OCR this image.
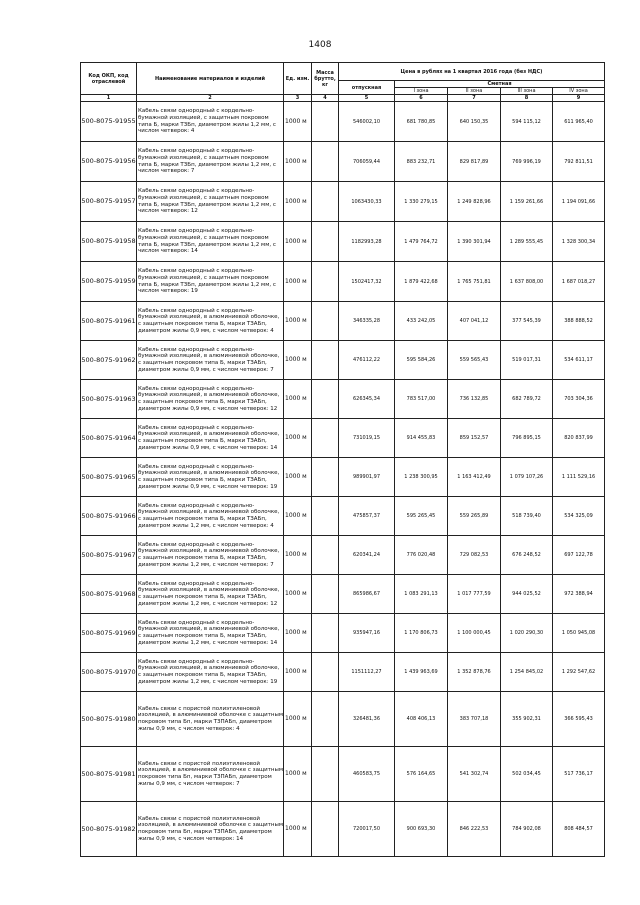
1408
Код ОКП, код отраслевой	Наименование материалов и изделий	Ед. изм.	Масса брутто, кг	Цена в рублях на 1 квартал 2016 года (без НДС)				
				отпускная	Сметная			
					I зона	II зона	III зона	IV зона
1	2	3	4	5	6	7	8	9
500-8075-91955	Кабель связи однородный с кордельно-бумажной изоляцией, с защитным покровом типа Б, марки ТЗБп, диаметром жилы 1,2 мм, с числом четверок: 4	1000 м		546002,10	681 780,85	640 150,35	594 115,12	611 965,40
500-8075-91956	Кабель связи однородный с кордельно-бумажной изоляцией, с защитным покровом типа Б, марки ТЗБп, диаметром жилы 1,2 мм, с числом четверок: 7	1000 м		706059,44	883 232,71	829 817,89	769 996,19	792 811,51
500-8075-91957	Кабель связи однородный с кордельно-бумажной изоляцией, с защитным покровом типа Б, марки ТЗБп, диаметром жилы 1,2 мм, с числом четверок: 12	1000 м		1063430,33	1 330 279,15	1 249 828,96	1 159 261,66	1 194 091,66
500-8075-91958	Кабель связи однородный с кордельно-бумажной изоляцией, с защитным покровом типа Б, марки ТЗБп, диаметром жилы 1,2 мм, с числом четверок: 14	1000 м		1182993,28	1 479 764,72	1 390 301,94	1 289 555,45	1 328 300,34
500-8075-91959	Кабель связи однородный с кордельно-бумажной изоляцией, с защитным покровом типа Б, марки ТЗБп, диаметром жилы 1,2 мм, с числом четверок: 19	1000 м		1502417,32	1 879 422,68	1 765 751,81	1 637 808,00	1 687 018,27
500-8075-91961	Кабель связи однородный с кордельно-бумажной изоляцией, в алюминиевой оболочке, с защитным покровом типа Б, марки ТЗАБп, диаметром жилы 0,9 мм, с числом четверок: 4	1000 м		346335,28	433 242,05	407 041,12	377 545,39	388 888,52
500-8075-91962	Кабель связи однородный с кордельно-бумажной изоляцией, в алюминиевой оболочке, с защитным покровом типа Б, марки ТЗАБп, диаметром жилы 0,9 мм, с числом четверок: 7	1000 м		476112,22	595 584,26	559 565,43	519 017,31	534 611,17
500-8075-91963	Кабель связи однородный с кордельно-бумажной изоляцией, в алюминиевой оболочке, с защитным покровом типа Б, марки ТЗАБп, диаметром жилы 0,9 мм, с числом четверок: 12	1000 м		626345,34	783 517,00	736 132,85	682 789,72	703 304,36
500-8075-91964	Кабель связи однородный с кордельно-бумажной изоляцией, в алюминиевой оболочке, с защитным покровом типа Б, марки ТЗАБп, диаметром жилы 0,9 мм, с числом четверок: 14	1000 м		731019,15	914 455,83	859 152,57	796 895,15	820 837,99
500-8075-91965	Кабель связи однородный с кордельно-бумажной изоляцией, в алюминиевой оболочке, с защитным покровом типа Б, марки ТЗАБп, диаметром жилы 0,9 мм, с числом четверок: 19	1000 м		989901,97	1 238 300,95	1 163 412,49	1 079 107,26	1 111 529,16
500-8075-91966	Кабель связи однородный с кордельно-бумажной изоляцией, в алюминиевой оболочке, с защитным покровом типа Б, марки ТЗАБп, диаметром жилы 1,2 мм, с числом четверок: 4	1000 м		475857,37	595 265,45	559 265,89	518 739,40	534 325,09
500-8075-91967	Кабель связи однородный с кордельно-бумажной изоляцией, в алюминиевой оболочке, с защитным покровом типа Б, марки ТЗАБп, диаметром жилы 1,2 мм, с числом четверок: 7	1000 м		620341,24	776 020,48	729 082,53	676 248,52	697 122,78
500-8075-91968	Кабель связи однородный с кордельно-бумажной изоляцией, в алюминиевой оболочке, с защитным покровом типа Б, марки ТЗАБп, диаметром жилы 1,2 мм, с числом четверок: 12	1000 м		865986,67	1 083 291,13	1 017 777,59	944 025,52	972 388,94
500-8075-91969	Кабель связи однородный с кордельно-бумажной изоляцией, в алюминиевой оболочке, с защитным покровом типа Б, марки ТЗАБп, диаметром жилы 1,2 мм, с числом четверок: 14	1000 м		935947,16	1 170 806,73	1 100 000,45	1 020 290,30	1 050 945,08
500-8075-91970	Кабель связи однородный с кордельно-бумажной изоляцией, в алюминиевой оболочке, с защитным покровом типа Б, марки ТЗАБп, диаметром жилы 1,2 мм, с числом четверок: 19	1000 м		1151112,27	1 439 963,69	1 352 878,76	1 254 845,02	1 292 547,62
500-8075-91980	Кабель связи с пористой полиэтиленовой изоляцией, в алюминиевой оболочке с защитным покровом типа Бп, марки ТЗПАБп, диаметром жилы 0,9 мм, с числом четверок: 4	1000 м		326481,36	408 406,13	383 707,18	355 902,31	366 595,43
500-8075-91981	Кабель связи с пористой полиэтиленовой изоляцией, в алюминиевой оболочке с защитным покровом типа Бп, марки ТЗПАБп, диаметром жилы 0,9 мм, с числом четверок: 7	1000 м		460583,75	576 164,65	541 302,74	502 034,45	517 736,17
500-8075-91982	Кабель связи с пористой полиэтиленовой изоляцией, в алюминиевой оболочке с защитным покровом типа Бп, марки ТЗПАБп, диаметром жилы 0,9 мм, с числом четверок: 14	1000 м		720017,50	900 693,30	846 222,53	784 902,08	808 484,57
